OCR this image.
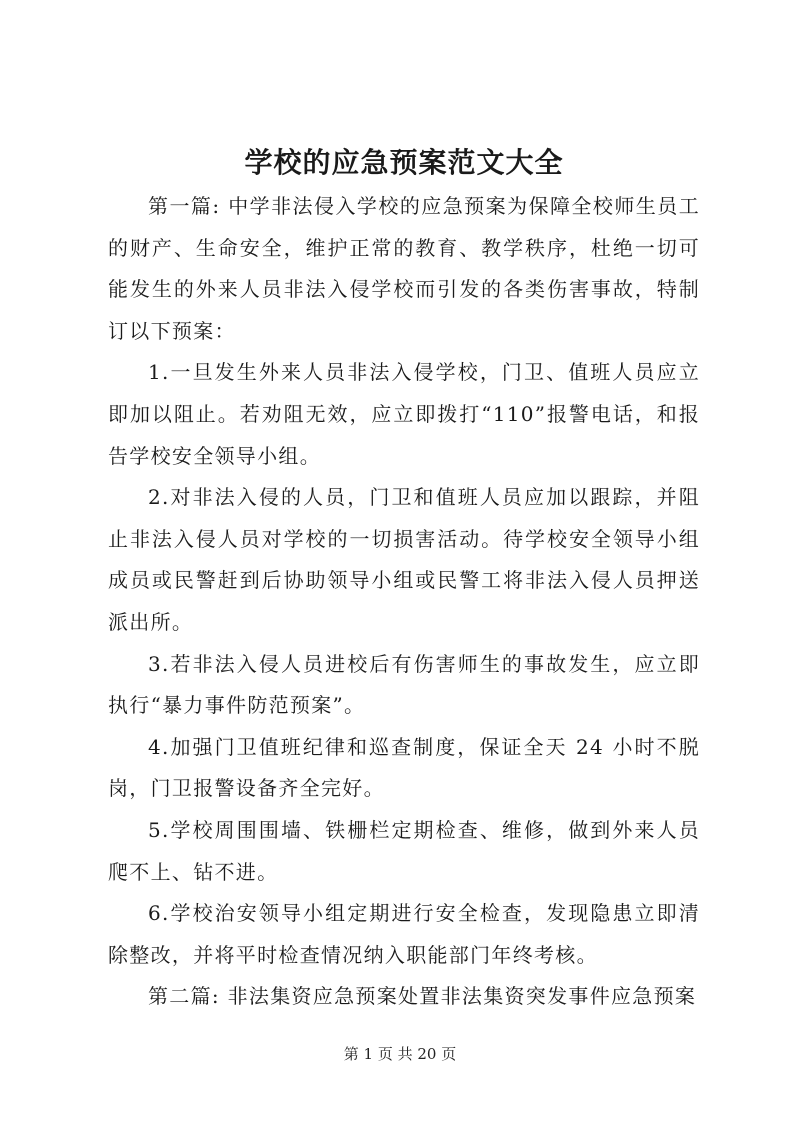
学校的应急预案范文大全

第一篇: 中学非法侵入学校的应急预案为保障全校师生员工的财产、生命安全，维护正常的教育、教学秩序，杜绝一切可能发生的外来人员非法入侵学校而引发的各类伤害事故，特制订以下预案：

1.一旦发生外来人员非法入侵学校，门卫、值班人员应立即加以阻止。若劝阻无效，应立即拨打“110”报警电话，和报告学校安全领导小组。

2.对非法入侵的人员，门卫和值班人员应加以跟踪，并阻止非法入侵人员对学校的一切损害活动。待学校安全领导小组成员或民警赶到后协助领导小组或民警工将非法入侵人员押送派出所。

3.若非法入侵人员进校后有伤害师生的事故发生，应立即执行“暴力事件防范预案”。

4.加强门卫值班纪律和巡查制度，保证全天 24 小时不脱岗，门卫报警设备齐全完好。

5.学校周围围墙、铁栅栏定期检查、维修，做到外来人员爬不上、钻不进。

6.学校治安领导小组定期进行安全检查，发现隐患立即清除整改，并将平时检查情况纳入职能部门年终考核。

第二篇: 非法集资应急预案处置非法集资突发事件应急预案

第 1 页 共 20 页
